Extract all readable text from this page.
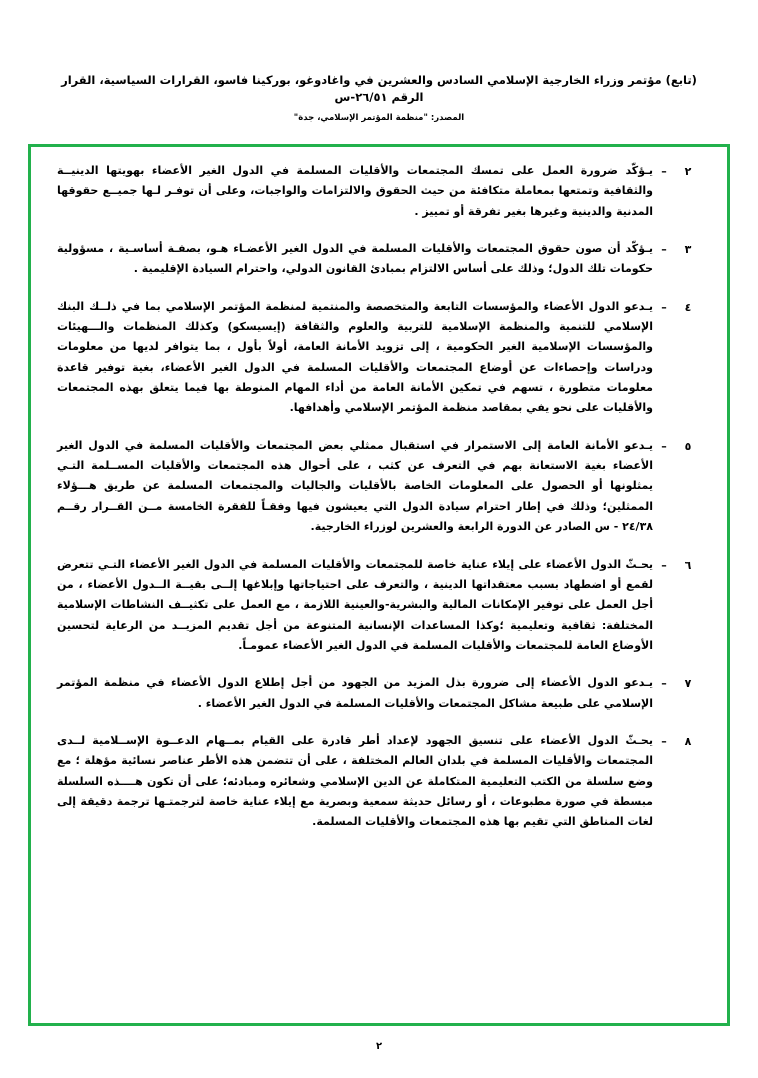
(تابع) مؤتمر وزراء الخارجية الإسلامي السادس والعشرين في واغادوغو، بوركينا فاسو، القرارات السياسية، القرار الرقم ٢٦/٥١-س
المصدر: "منظمة المؤتمر الإسلامي، جدة"
٢
–
يـؤكّد ضرورة العمل على تمسك المجتمعات والأقليات المسلمة في الدول الغير الأعضاء بهويتها الدينيــة والثقافية وتمتعها بمعاملة متكافئة من حيث الحقوق والالتزامات والواجبات، وعلى أن توفـر لـها جميــع حقوقها المدنية والدينية وغيرها بغير تفرقة أو تمييز .
٣
–
يـؤكّد أن صون حقوق المجتمعات والأقليات المسلمة في الدول الغير الأعضـاء هـو، بصفـة أساسـية ، مسؤولية حكومات تلك الدول؛ وذلك على أساس الالتزام بمبادئ القانون الدولي، واحترام السيادة الإقليمية .
٤
–
يـدعو الدول الأعضاء والمؤسسات التابعة والمتخصصة والمنتمية لمنظمة المؤتمر الإسلامي بما في ذلــك البنك الإسلامي للتنمية والمنظمة الإسلامية للتربية والعلوم والثقافة (إيسيسكو) وكذلك المنظمات والـــهيئات والمؤسسات الإسلامية الغير الحكومية ، إلى تزويد الأمانة العامة، أولاً بأول ، بما يتوافر لديها من معلومات ودراسات وإحصاءات عن أوضاع المجتمعات والأقليات المسلمة في الدول الغير الأعضاء، بغية توفير قاعدة معلومات متطورة ، تسهم في تمكين الأمانة العامة من أداء المهام المنوطة بها فيما يتعلق بهذه المجتمعات والأقليات على نحو يفي بمقاصد منظمة المؤتمر الإسلامي وأهدافها.
٥
–
يـدعو الأمانة العامة إلى الاستمرار في استقبال ممثلي بعض المجتمعات والأقليات المسلمة في الدول الغير الأعضاء بغية الاستعانة بهم في التعرف عن كثب ، على أحوال هذه المجتمعات والأقليات المســلمة التـي يمثلونها أو الحصول على المعلومات الخاصة بالأقليات والجاليات والمجتمعات المسلمة عن طريق هـــؤلاء الممثلين؛ وذلك في إطار احترام سيادة الدول التي يعيشون فيها وفقـاً للفقرة الخامسة مــن القــرار رقــم ٢٤/٣٨ - س الصادر عن الدورة الرابعة والعشرين لوزراء الخارجية.
٦
–
يحـثّ الدول الأعضاء على إيلاء عناية خاصة للمجتمعات والأقليات المسلمة في الدول الغير الأعضاء التـي تتعرض لقمع أو اضطهاد بسبب معتقداتها الدينية ، والتعرف على احتياجاتها وإبلاغها إلــى بقيــة الــدول الأعضاء ، من أجل العمل على توفير الإمكانات المالية والبشرية-والعينية اللازمة ، مع العمل على تكثيــف النشاطات الإسلامية المختلفة: ثقافية وتعليمية ؛وكذا المساعدات الإنسانية المتنوعة من أجل تقديم المزيــد من الرعاية لتحسين الأوضاع العامة للمجتمعات والأقليات المسلمة في الدول الغير الأعضاء عمومـاً.
٧
–
يـدعو الدول الأعضاء إلى ضرورة بذل المزيد من الجهود من أجل إطلاع الدول الأعضاء في منظمة المؤتمر الإسلامي على طبيعة مشاكل المجتمعات والأقليات المسلمة في الدول الغير الأعضاء .
٨
–
يحـثّ الدول الأعضاء على تنسيق الجهود لإعداد أطر قادرة على القيام بمــهام الدعــوة الإســلامية لــدى المجتمعات والأقليات المسلمة في بلدان العالم المختلفة ، على أن تتضمن هذه الأطر عناصر نسائية مؤهلة ؛ مع وضع سلسلة من الكتب التعليمية المتكاملة عن الدين الإسلامي وشعائره ومبادئه؛ على أن تكون هــــذه السلسلة مبسطة في صورة مطبوعات ، أو رسائل حديثة سمعية وبصرية مع إيلاء عناية خاصة لترجمتـها ترجمة دقيقة إلى لغات المناطق التي تقيم بها هذه المجتمعات والأقليات المسلمة.
٢
